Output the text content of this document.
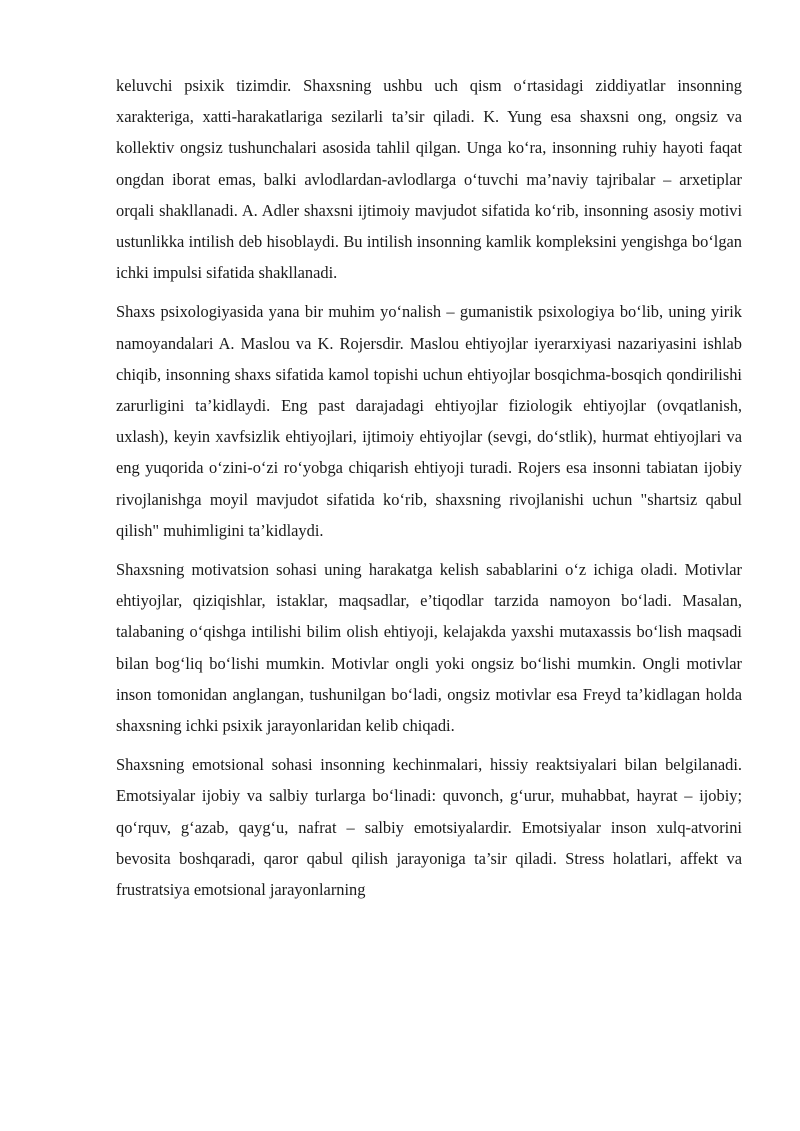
keluvchi psixik tizimdir. Shaxsning ushbu uch qism o‘rtasidagi ziddiyatlar insonning xarakteriga, xatti-harakatlariga sezilarli ta’sir qiladi. K. Yung esa shaxsni ong, ongsiz va kollektiv ongsiz tushunchalari asosida tahlil qilgan. Unga ko‘ra, insonning ruhiy hayoti faqat ongdan iborat emas, balki avlodlardan-avlodlarga o‘tuvchi ma’naviy tajribalar – arxetiplar orqali shakllanadi. A. Adler shaxsni ijtimoiy mavjudot sifatida ko‘rib, insonning asosiy motivi ustunlikka intilish deb hisoblaydi. Bu intilish insonning kamlik kompleksini yengishga bo‘lgan ichki impulsi sifatida shakllanadi.

Shaxs psixologiyasida yana bir muhim yo‘nalish – gumanistik psixologiya bo‘lib, uning yirik namoyandalari A. Maslou va K. Rojersdir. Maslou ehtiyojlar iyerarxiyasi nazariyasini ishlab chiqib, insonning shaxs sifatida kamol topishi uchun ehtiyojlar bosqichma-bosqich qondirilishi zarurligini ta’kidlaydi. Eng past darajadagi ehtiyojlar fiziologik ehtiyojlar (ovqatlanish, uxlash), keyin xavfsizlik ehtiyojlari, ijtimoiy ehtiyojlar (sevgi, do‘stlik), hurmat ehtiyojlari va eng yuqorida o‘zini-o‘zi ro‘yobga chiqarish ehtiyoji turadi. Rojers esa insonni tabiatan ijobiy rivojlanishga moyil mavjudot sifatida ko‘rib, shaxsning rivojlanishi uchun "shartsiz qabul qilish" muhimligini ta’kidlaydi.

Shaxsning motivatsion sohasi uning harakatga kelish sabablarini o‘z ichiga oladi. Motivlar ehtiyojlar, qiziqishlar, istaklar, maqsadlar, e’tiqodlar tarzida namoyon bo‘ladi. Masalan, talabaning o‘qishga intilishi bilim olish ehtiyoji, kelajakda yaxshi mutaxassis bo‘lish maqsadi bilan bog‘liq bo‘lishi mumkin. Motivlar ongli yoki ongsiz bo‘lishi mumkin. Ongli motivlar inson tomonidan anglangan, tushunilgan bo‘ladi, ongsiz motivlar esa Freyd ta’kidlagan holda shaxsning ichki psixik jarayonlaridan kelib chiqadi.

Shaxsning emotsional sohasi insonning kechinmalari, hissiy reaktsiyalari bilan belgilanadi. Emotsiyalar ijobiy va salbiy turlarga bo‘linadi: quvonch, g‘urur, muhabbat, hayrat – ijobiy; qo‘rquv, g‘azab, qayg‘u, nafrat – salbiy emotsiyalardir. Emotsiyalar inson xulq-atvorini bevosita boshqaradi, qaror qabul qilish jarayoniga ta’sir qiladi. Stress holatlari, affekt va frustratsiya emotsional jarayonlarning
